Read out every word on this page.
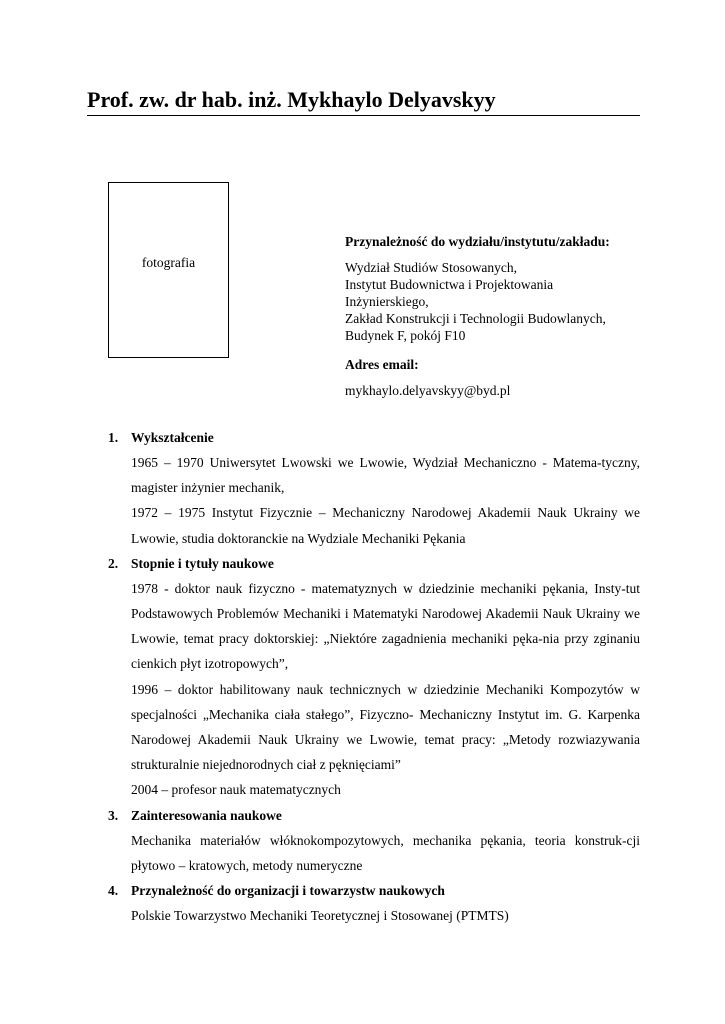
Prof. zw. dr hab. inż. Mykhaylo Delyavskyy
fotografia
Przynależność do wydziału/instytutu/zakładu:
Wydział Studiów Stosowanych,
Instytut Budownictwa i Projektowania
Inżynierskiego,
Zakład Konstrukcji i Technologii Budowlanych,
Budynek F, pokój F10
Adres email:
mykhaylo.delyavskyy@byd.pl
1. Wykształcenie
1965 – 1970 Uniwersytet Lwowski we Lwowie, Wydział Mechaniczno - Matema-tyczny, magister inżynier mechanik,
1972 – 1975 Instytut Fizycznie – Mechaniczny Narodowej Akademii Nauk Ukrainy we Lwowie, studia doktoranckie na Wydziale Mechaniki Pękania
2. Stopnie i tytuły naukowe
1978 - doktor nauk fizyczno - matematyznych w dziedzinie mechaniki pękania, Insty-tut Podstawowych Problemów Mechaniki i Matematyki Narodowej Akademii Nauk Ukrainy we Lwowie, temat pracy doktorskiej: „Niektóre zagadnienia mechaniki pęka-nia przy zginaniu cienkich płyt izotropowych”,
1996 – doktor habilitowany nauk technicznych w dziedzinie Mechaniki Kompozytów w specjalności „Mechanika ciała stałego”, Fizyczno- Mechaniczny Instytut im. G. Karpenka Narodowej Akademii Nauk Ukrainy we Lwowie, temat pracy: „Metody rozwiazywania strukturalnie niejednorodnych ciał z pęknięciami”
2004 – profesor nauk matematycznych
3. Zainteresowania naukowe
Mechanika materiałów włóknokompozytowych, mechanika pękania, teoria konstruk-cji płytowo – kratowych, metody numeryczne
4. Przynależność do organizacji i towarzystw naukowych
Polskie Towarzystwo Mechaniki Teoretycznej i Stosowanej (PTMTS)
